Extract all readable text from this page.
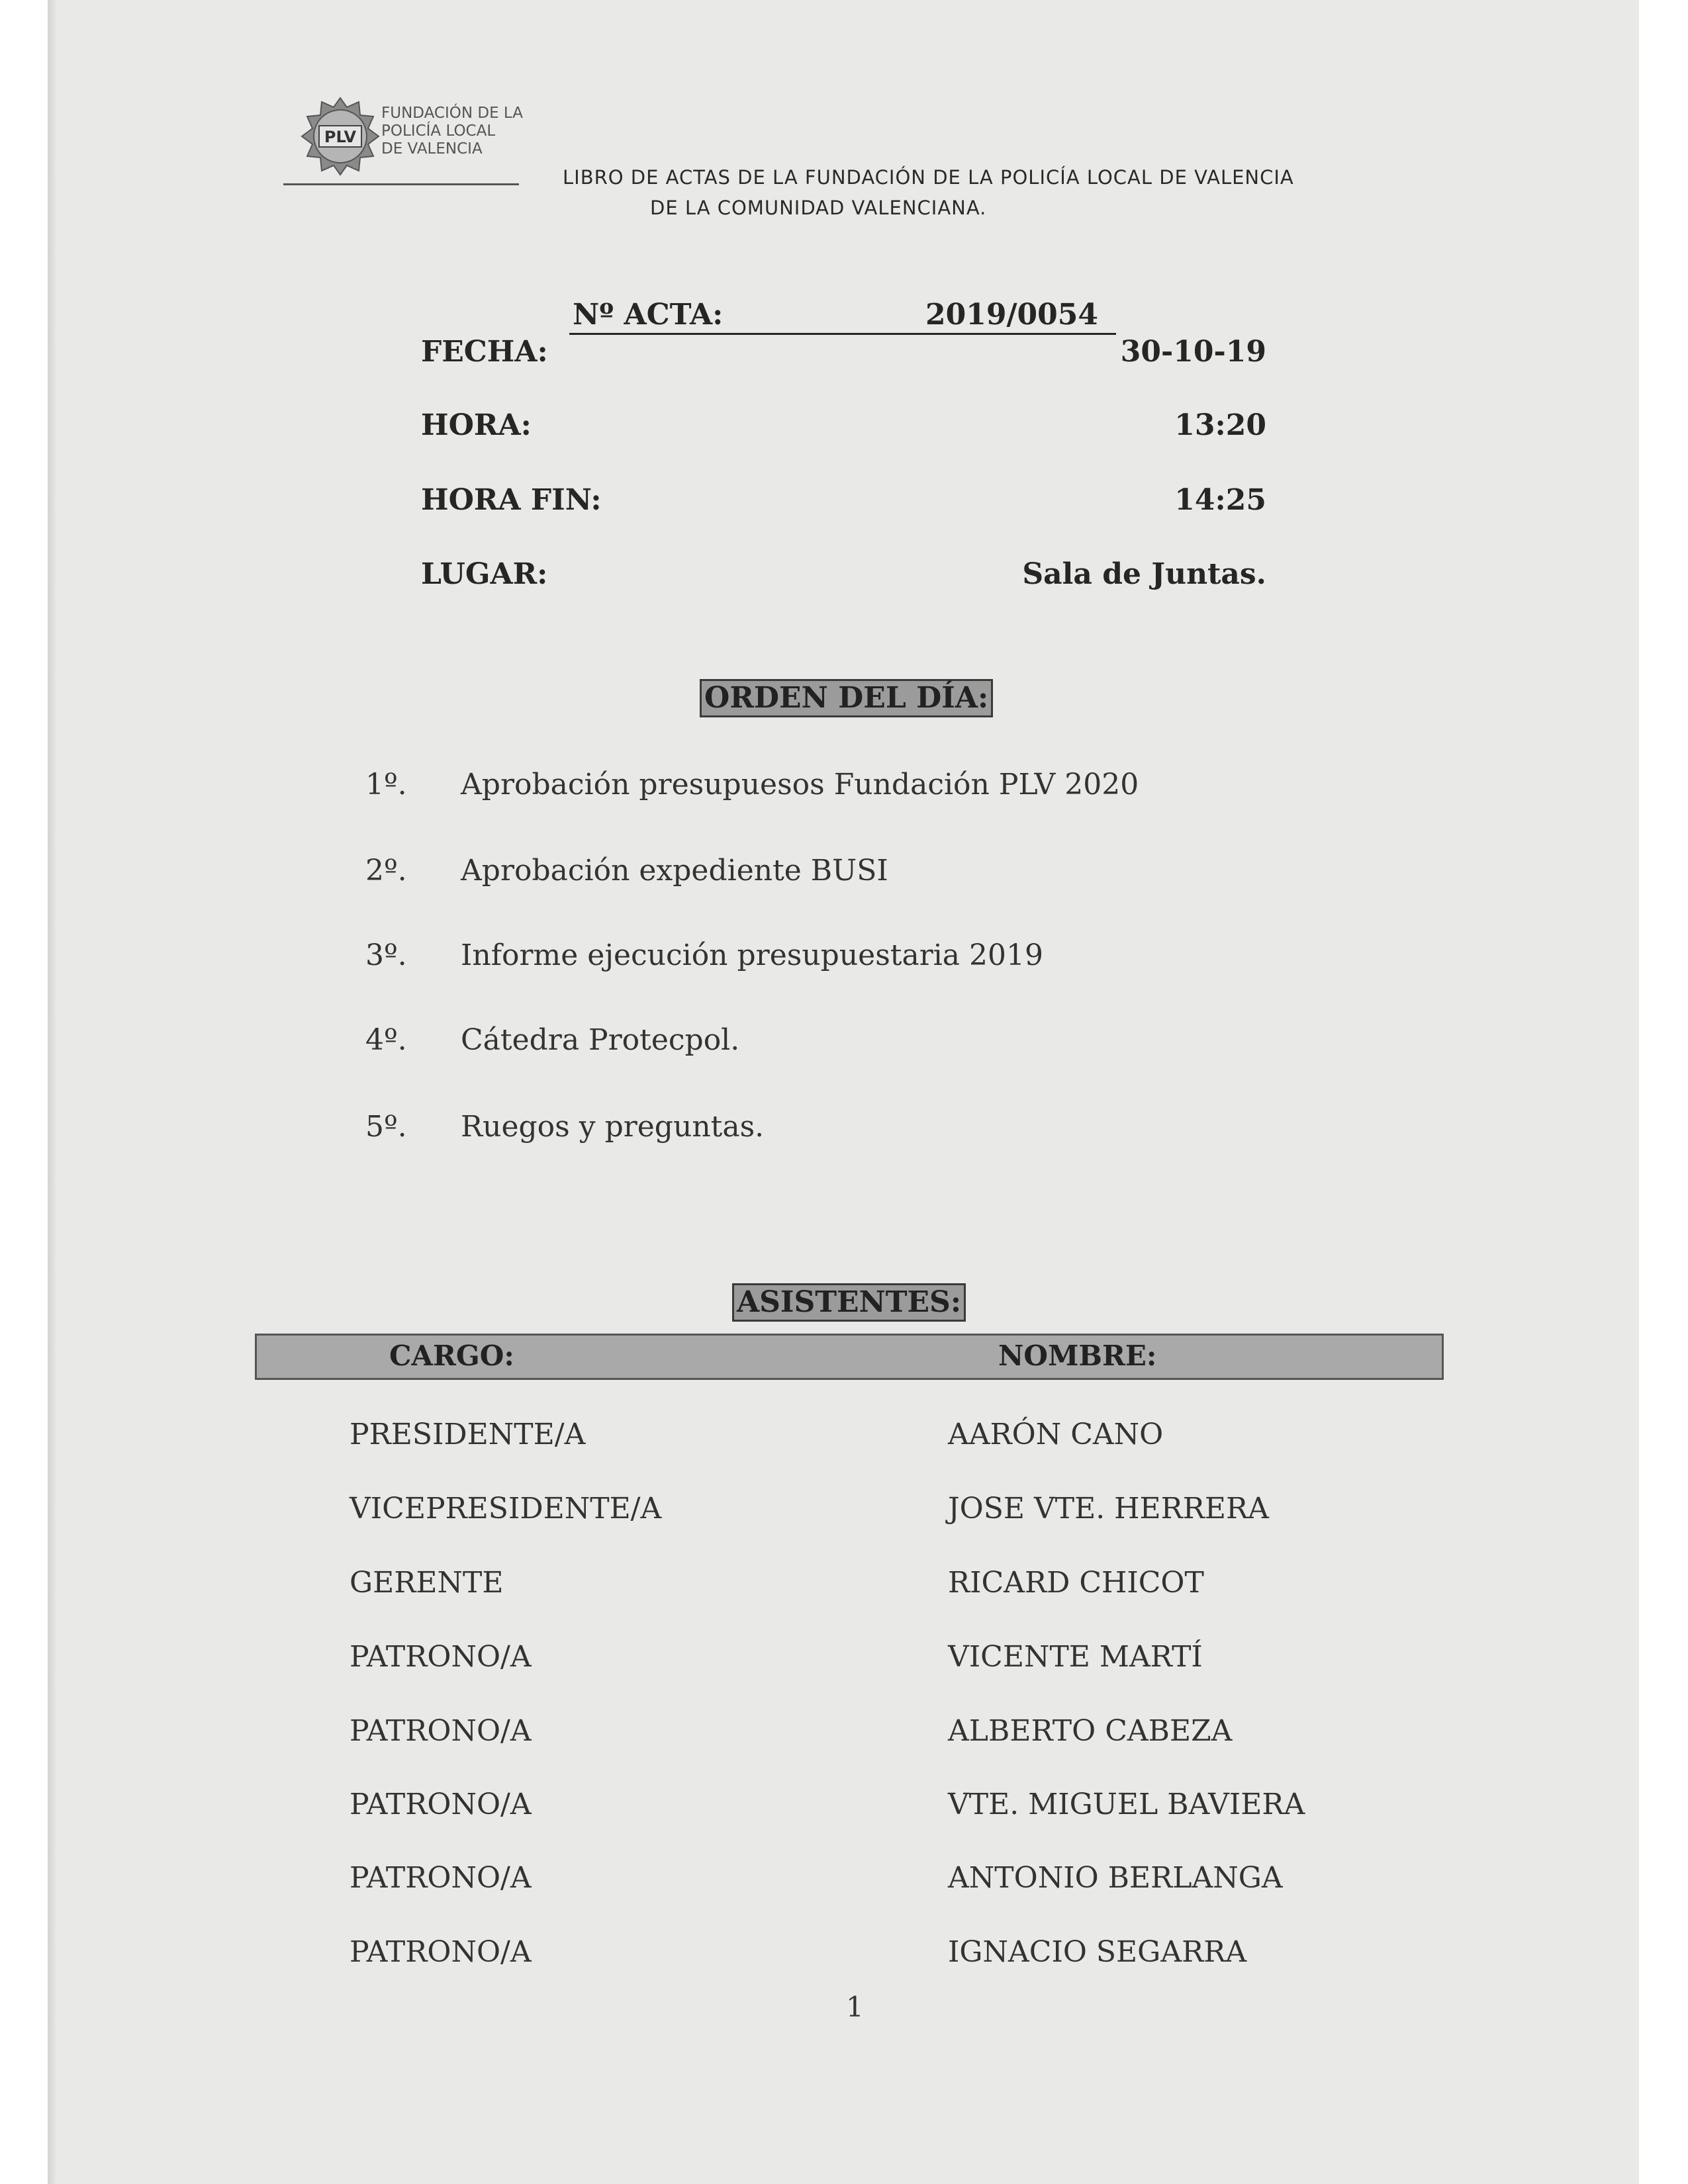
PLV
FUNDACIÓN DE LA
POLICÍA LOCAL
DE VALENCIA
LIBRO DE ACTAS DE LA FUNDACIÓN DE LA POLICÍA LOCAL DE VALENCIA
DE LA COMUNIDAD VALENCIANA.
Nº ACTA:	2019/0054
FECHA:	30-10-19
HORA:	13:20
HORA FIN:	14:25
LUGAR:	Sala de Juntas.
ORDEN DEL DÍA:
1º. Aprobación presupuesos Fundación PLV 2020
2º. Aprobación expediente BUSI
3º. Informe ejecución presupuestaria 2019
4º. Cátedra Protecpol.
5º. Ruegos y preguntas.
ASISTENTES:
CARGO:	NOMBRE:
PRESIDENTE/A	AARÓN CANO
VICEPRESIDENTE/A	JOSE VTE. HERRERA
GERENTE	RICARD CHICOT
PATRONO/A	VICENTE MARTÍ
PATRONO/A	ALBERTO CABEZA
PATRONO/A	VTE. MIGUEL BAVIERA
PATRONO/A	ANTONIO BERLANGA
PATRONO/A	IGNACIO SEGARRA
1
